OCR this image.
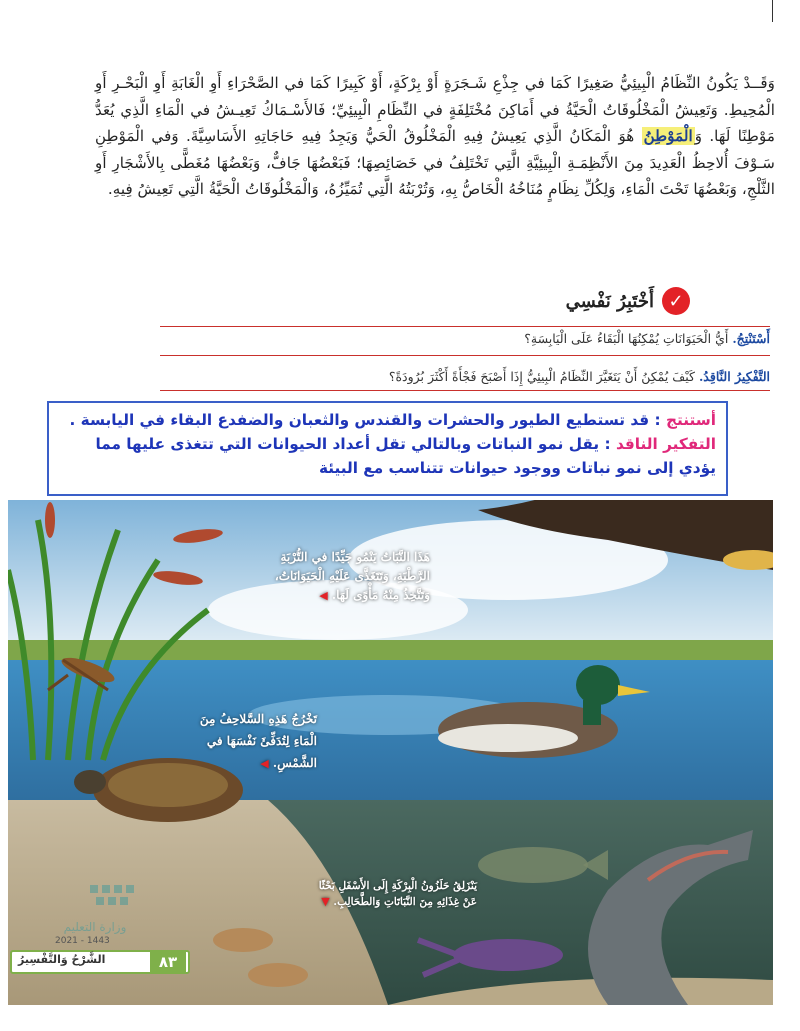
وَقَــدْ يَكُونُ النِّظَامُ الْبِيئِيُّ صَغِيرًا كَمَا في جِذْعِ شَـجَرَةٍ أَوْ بِرْكَةٍ، أَوْ كَبِيرًا كَمَا في الصَّحْرَاءِ أَوِ الْغَابَةِ أَوِ الْبَحْـرِ أَوِ الْمُحِيطِ. وَتَعِيشُ الْمَخْلُوقَاتُ الْحَيَّةُ في أَمَاكِنَ مُخْتَلِفَةٍ في النِّظَامِ الْبِيئِيِّ؛ فَالأَسْـمَاكُ تَعِيـشُ في الْمَاءِ الَّذِي يُعَدُّ مَوْطِنًا لَهَا. وَالْمَوْطِنُ هُوَ الْمَكَانُ الَّذِي يَعِيشُ فِيهِ الْمَخْلُوقُ الْحَيُّ وَيَجِدُ فِيهِ حَاجَاتِهِ الأَسَاسِيَّةَ. وَفي الْمَوْطِنِ سَـوْفَ أُلاحِظُ الْعَدِيدَ مِنَ الأَنْظِمَـةِ الْبِيئِيَّةِ الَّتِي تَخْتَلِفُ في خَصَائِصِهَا؛ فَبَعْضُهَا جَافٌّ، وَبَعْضُهَا مُغَطًّى بِالأَشْجَارِ أَوِ الثَّلْجِ، وَبَعْضُهَا تَحْتَ الْمَاءِ، وَلِكُلِّ نِظَامٍ مُنَاخُهُ الْخَاصُّ بِهِ، وَتُرْبَتُهُ الَّتِي تُمَيِّزُهُ، وَالْمَخْلُوقَاتُ الْحَيَّةُ الَّتِي تَعِيشُ فِيهِ.
✓
أَخْتَبِرُ نَفْسِي
أَسْتَنْتِجُ. أَيُّ الْحَيَوَانَاتِ يُمْكِنُهَا الْبَقَاءُ عَلَى الْيَابِسَةِ؟
التَّفْكِيرُ النَّاقِدُ. كَيْفَ يُمْكِنُ أَنْ يَتَغَيَّرَ النِّظَامُ الْبِيئِيُّ إِذَا أَصْبَحَ فَجْأَةً أَكْثَرَ بُرُودَةً؟
هَذَا النَّبَاتُ يَنْمُو جَيِّدًا في التُّرْبَةِ
الرَّطْبَةِ، وَتَتَغَذَّى عَلَيْهِ الْحَيَوَانَاتُ،
وَتَتَّخِذُ مِنْهُ مَأْوًى لَهَا. ◀
تَخْرُجُ هَذِهِ السَّلاحِفُ مِنَ
الْمَاءِ لِتُدَفِّئَ نَفْسَهَا في
الشَّمْسِ. ◀
يَنْزَلِقُ حَلَزُونُ الْبِرْكَةِ إِلَى الأَسْفَلِ بَحْثًا
عَنْ غِذَائِهِ مِنَ النَّبَاتَاتِ وَالطَّحَالِبِ. ▼
وزارة التعليم
الشَّرْحُ وَالتَّفْسِيرُ	٨٣
2021 - 1443
أستنتج : قد تستطيع الطيور والحشرات والقندس والثعبان والضفدع البقاء في اليابسة .
التفكير الناقد : يقل نمو النباتات وبالتالي تقل أعداد الحيوانات التي تتغذى عليها مما يؤدي إلى نمو نباتات ووجود حيوانات تتناسب مع البيئة
